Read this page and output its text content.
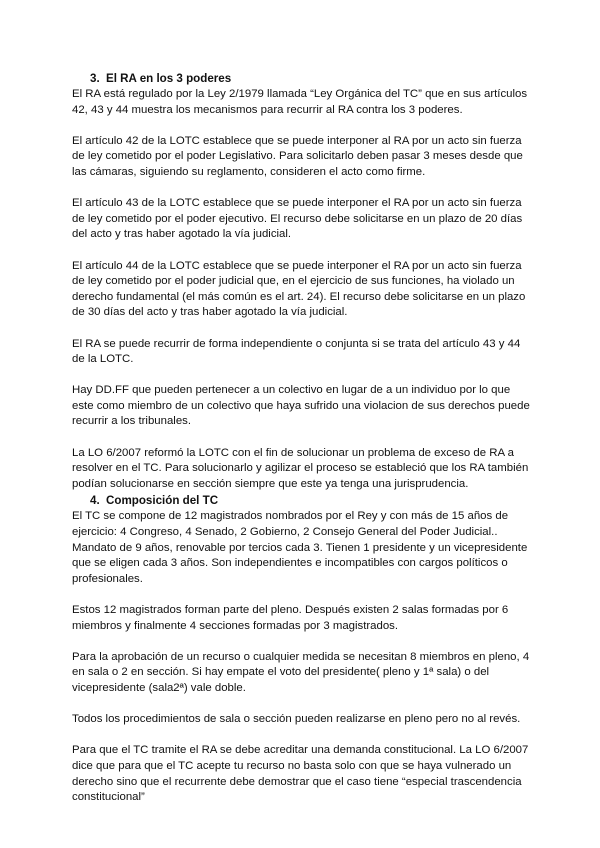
3. El RA en los 3 poderes

El RA está regulado por la Ley 2/1979 llamada “Ley Orgánica del TC” que en sus artículos 42, 43 y 44 muestra los mecanismos para recurrir al RA contra los 3 poderes.

El artículo 42 de la LOTC establece que se puede interponer al RA por un acto sin fuerza de ley cometido por el poder Legislativo. Para solicitarlo deben pasar 3 meses desde que las cámaras, siguiendo su reglamento, consideren el acto como firme.

El artículo 43 de la LOTC establece que se puede interponer el RA por un acto sin fuerza de ley cometido por el poder ejecutivo. El recurso debe solicitarse en un plazo de 20 días del acto y tras haber agotado la vía judicial.

El artículo 44 de la LOTC establece que se puede interponer el RA por un acto sin fuerza de ley cometido por el poder judicial que, en el ejercicio de sus funciones, ha violado un derecho fundamental (el más común es el art. 24). El recurso debe solicitarse en un plazo de 30 días del acto y tras haber agotado la vía judicial.

El RA se puede recurrir de forma independiente o conjunta si se trata del artículo 43 y 44 de la LOTC.

Hay DD.FF que pueden pertenecer a un colectivo en lugar de a un individuo por lo que este como miembro de un colectivo que haya sufrido una violacion de sus derechos puede recurrir a los tribunales.

La LO 6/2007 reformó la LOTC con el fin de solucionar un problema de exceso de RA a resolver en el TC. Para solucionarlo y agilizar el proceso se estableció que los RA también podían solucionarse en sección siempre que este ya tenga una jurisprudencia.

4. Composición del TC

El TC se compone de 12 magistrados nombrados por el Rey y con más de 15 años de ejercicio: 4 Congreso, 4 Senado, 2 Gobierno, 2 Consejo General del Poder Judicial.. Mandato de 9 años, renovable por tercios cada 3. Tienen 1 presidente y un vicepresidente que se eligen cada 3 años. Son independientes e incompatibles con cargos políticos o profesionales.

Estos 12 magistrados forman parte del pleno. Después existen 2 salas formadas por 6 miembros y finalmente 4 secciones formadas por 3 magistrados.

Para la aprobación de un recurso o cualquier medida se necesitan 8 miembros en pleno, 4 en sala o 2 en sección. Si hay empate el voto del presidente( pleno y 1ª sala) o del vicepresidente (sala2ª) vale doble.

Todos los procedimientos de sala o sección pueden realizarse en pleno pero no al revés.

Para que el TC tramite el RA se debe acreditar una demanda constitucional. La LO 6/2007 dice que para que el TC acepte tu recurso no basta solo con que se haya vulnerado un derecho sino que el recurrente debe demostrar que el caso tiene “especial trascendencia constitucional”
